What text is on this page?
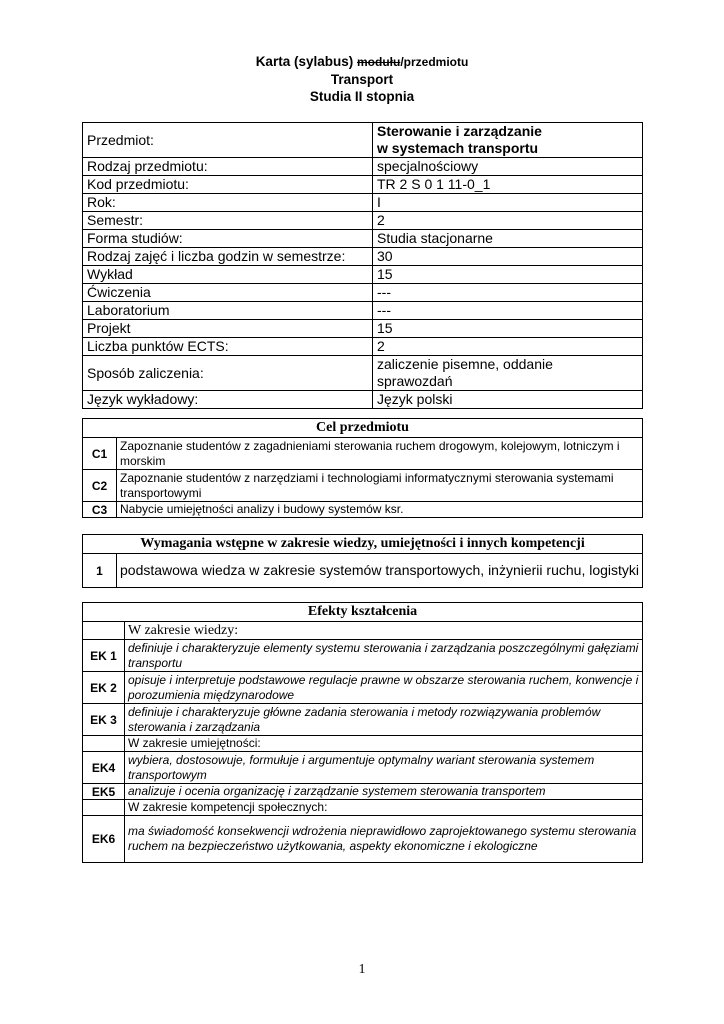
Karta (sylabus) modułu/przedmiotu
Transport
Studia II stopnia
Przedmiot:	Sterowanie i zarządzanie
w systemach transportu

Rodzaj przedmiotu:	specjalnościowy
Kod przedmiotu:	TR 2 S 0 1 11-0_1
Rok:	I
Semestr:	2
Forma studiów:	Studia stacjonarne
Rodzaj zajęć i liczba godzin w semestrze:	30
Wykład	15
Ćwiczenia	---
Laboratorium	---
Projekt	15
Liczba punktów ECTS:	2
Sposób zaliczenia:	zaliczenie pisemne, oddanie
sprawozdań

Język wykładowy:	Język polski
Cel przedmiotu	
C1	Zapoznanie studentów z zagadnieniami sterowania ruchem drogowym, kolejowym, lotniczym i morskim
C2	Zapoznanie studentów z narzędziami i technologiami informatycznymi sterowania systemami transportowymi
C3	Nabycie umiejętności analizy i budowy systemów ksr.
Wymagania wstępne w zakresie wiedzy, umiejętności i innych kompetencji
1	podstawowa wiedza w zakresie systemów transportowych, inżynierii ruchu, logistyki
Efekty kształcenia	
	W zakresie wiedzy:
EK 1	definiuje i charakteryzuje elementy systemu sterowania i zarządzania poszczególnymi gałęziami transportu
EK 2	opisuje i interpretuje podstawowe regulacje prawne w obszarze sterowania ruchem, konwencje i porozumienia międzynarodowe
EK 3	definiuje i charakteryzuje główne zadania sterowania i metody rozwiązywania problemów sterowania i zarządzania
	W zakresie umiejętności:
EK4	wybiera, dostosowuje, formułuje i argumentuje optymalny wariant sterowania systemem transportowym
EK5	analizuje i ocenia organizację i zarządzanie systemem sterowania transportem
	W zakresie kompetencji społecznych:
EK6	ma świadomość konsekwencji wdrożenia nieprawidłowo zaprojektowanego systemu sterowania ruchem na bezpieczeństwo użytkowania, aspekty ekonomiczne i ekologiczne
1
